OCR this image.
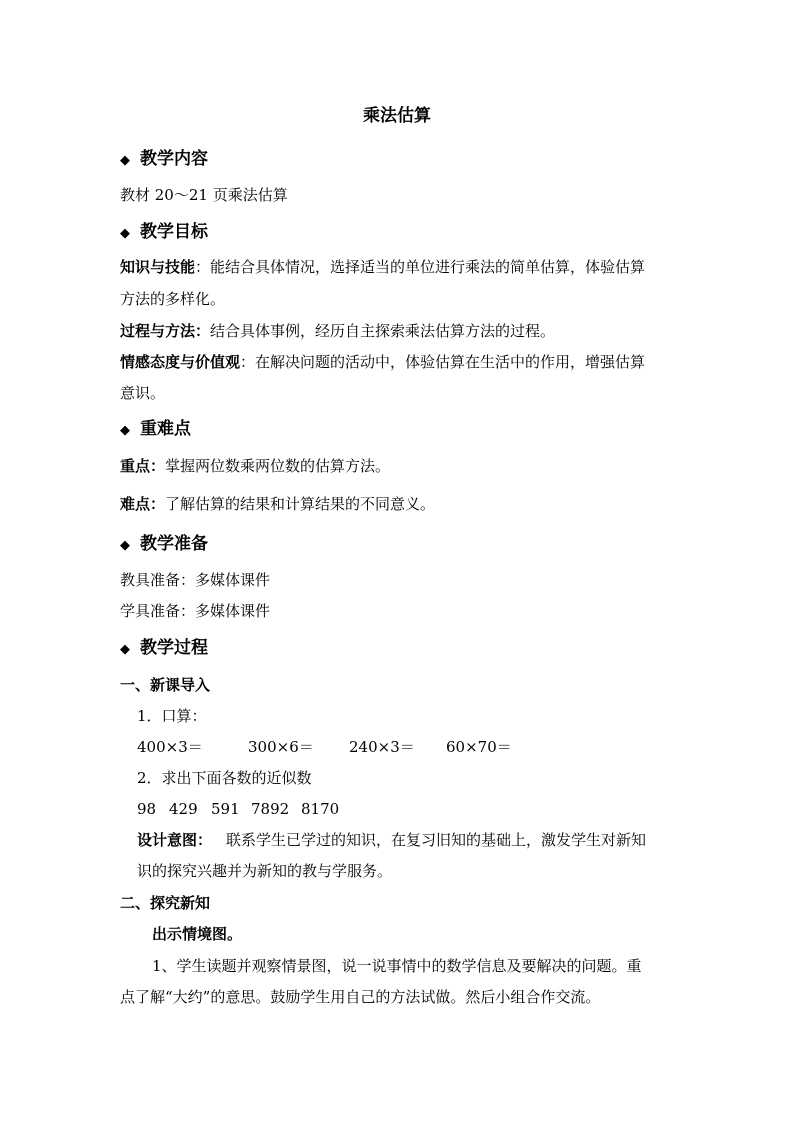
乘法估算
◆ 教学内容
教材 20～21 页乘法估算
◆ 教学目标
知识与技能：能结合具体情况，选择适当的单位进行乘法的简单估算，体验估算
方法的多样化。
过程与方法：结合具体事例，经历自主探索乘法估算方法的过程。
情感态度与价值观：在解决问题的活动中，体验估算在生活中的作用，增强估算
意识。
◆ 重难点
重点：掌握两位数乘两位数的估算方法。
难点：了解估算的结果和计算结果的不同意义。
◆ 教学准备
教具准备：多媒体课件
学具准备：多媒体课件
◆ 教学过程
一、新课导入
1．口算：
400×3＝	300×6＝ 240×3＝ 60×70＝
2．求出下面各数的近似数
98 429 591 7892 8170
设计意图： 联系学生已学过的知识，在复习旧知的基础上，激发学生对新知
识的探究兴趣并为新知的教与学服务。
二、探究新知
出示情境图。
1、学生读题并观察情景图，说一说事情中的数学信息及要解决的问题。重
点了解“大约”的意思。鼓励学生用自己的方法试做。然后小组合作交流。
